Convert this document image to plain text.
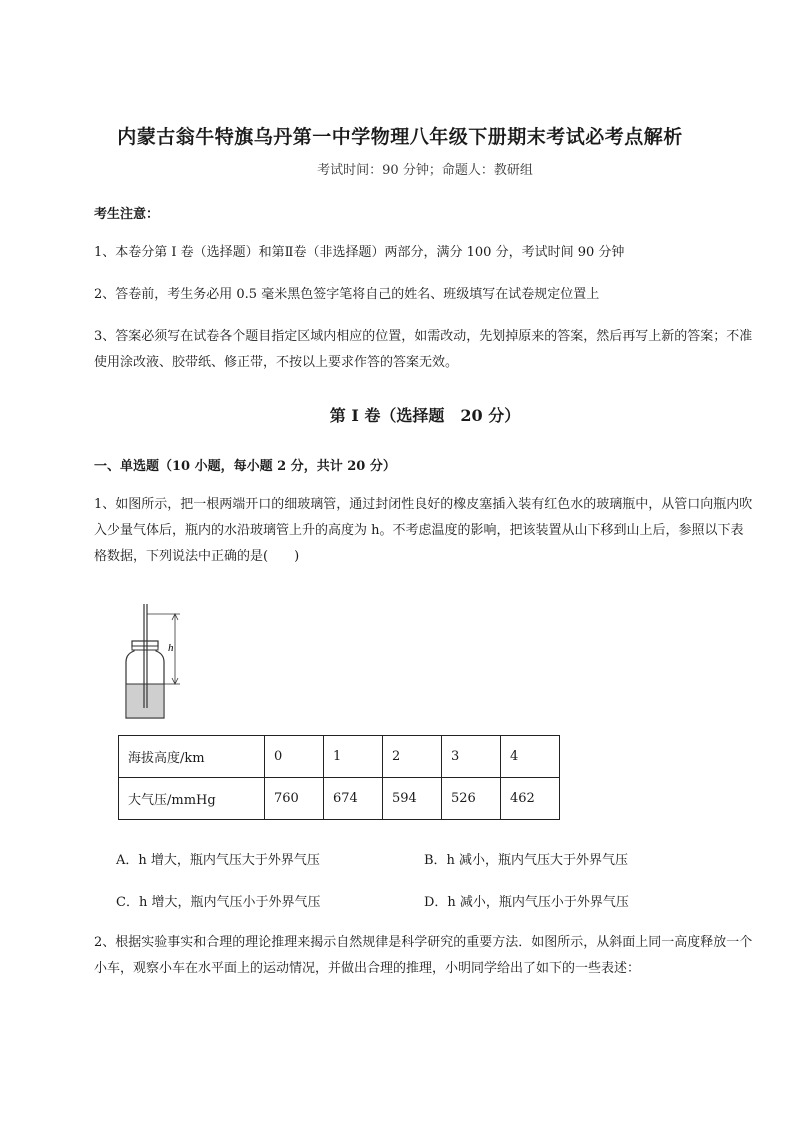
内蒙古翁牛特旗乌丹第一中学物理八年级下册期末考试必考点解析
考试时间：90 分钟；命题人：教研组
考生注意：
1、本卷分第 I 卷（选择题）和第Ⅱ卷（非选择题）两部分，满分 100 分，考试时间 90 分钟
2、答卷前，考生务必用 0.5 毫米黑色签字笔将自己的姓名、班级填写在试卷规定位置上
3、答案必须写在试卷各个题目指定区域内相应的位置，如需改动，先划掉原来的答案，然后再写上新的答案；不准使用涂改液、胶带纸、修正带，不按以上要求作答的答案无效。
第 I 卷（选择题　20 分）
一、单选题（10 小题，每小题 2 分，共计 20 分）
1、如图所示，把一根两端开口的细玻璃管，通过封闭性良好的橡皮塞插入装有红色水的玻璃瓶中，从管口向瓶内吹入少量气体后，瓶内的水沿玻璃管上升的高度为 h。不考虑温度的影响，把该装置从山下移到山上后，参照以下表格数据，下列说法中正确的是(　　)
h
海拔高度/km	0	1	2	3	4
大气压/mmHg	760	674	594	526	462
A．h 增大，瓶内气压大于外界气压	B．h 减小，瓶内气压大于外界气压
C．h 增大，瓶内气压小于外界气压	D．h 减小，瓶内气压小于外界气压
2、根据实验事实和合理的理论推理来揭示自然规律是科学研究的重要方法．如图所示，从斜面上同一高度释放一个小车，观察小车在水平面上的运动情况，并做出合理的推理，小明同学给出了如下的一些表述：
